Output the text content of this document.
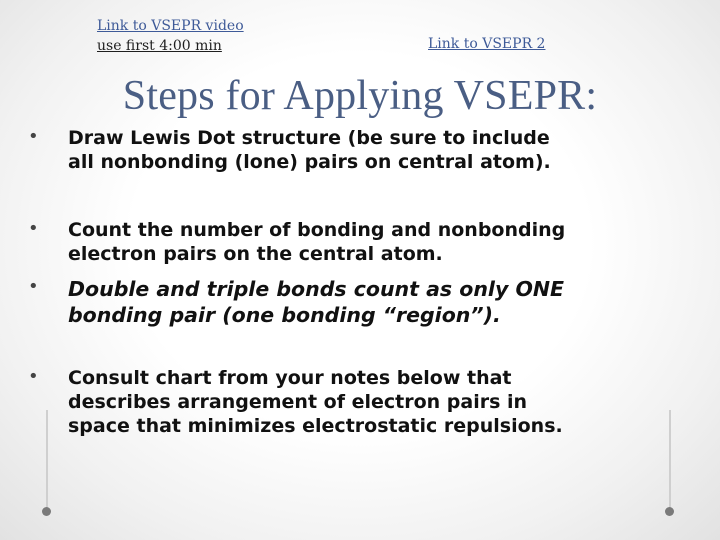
Link to VSEPR video
use first 4:00 min	Link to VSEPR 2
Steps for Applying VSEPR:
•	Draw Lewis Dot structure (be sure to include
all nonbonding (lone) pairs on central atom).
•	Count the number of bonding and nonbonding
electron pairs on the central atom.
•	Double and triple bonds count as only ONE
bonding pair (one bonding “region”).
•	Consult chart from your notes below that
describes arrangement of electron pairs in
space that minimizes electrostatic repulsions.
